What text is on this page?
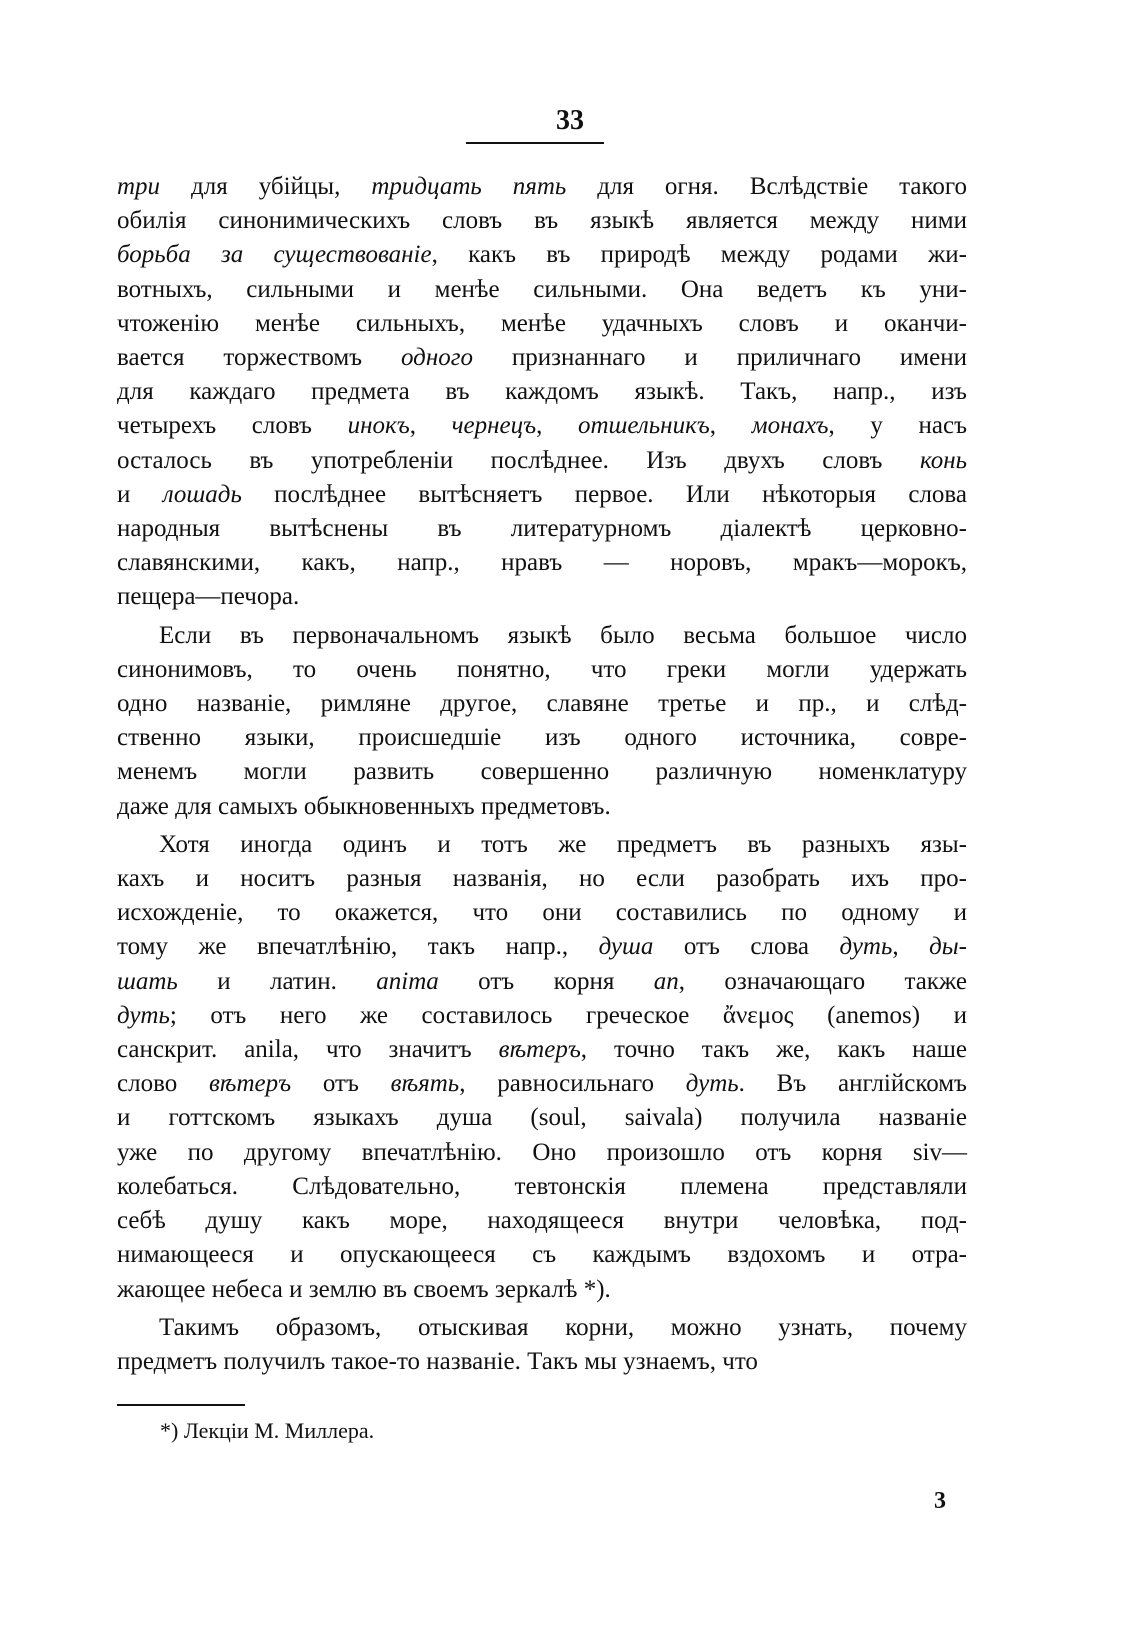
33
три для убійцы, тридцать пять для огня. Вслѣдствіе такого
обилія синонимическихъ словъ въ языкѣ является между ними
борьба за существованіе, какъ въ природѣ между родами жи-
вотныхъ, сильными и менѣе сильными. Она ведетъ къ уни-
чтоженію менѣе сильныхъ, менѣе удачныхъ словъ и оканчи-
вается торжествомъ одного признаннаго и приличнаго имени
для каждаго предмета въ каждомъ языкѣ. Такъ, напр., изъ
четырехъ словъ инокъ, чернецъ, отшельникъ, монахъ, у насъ
осталось въ употребленіи послѣднее. Изъ двухъ словъ конь
и лошадь послѣднее вытѣсняетъ первое. Или нѣкоторыя слова
народныя вытѣснены въ литературномъ діалектѣ церковно-
славянскими, какъ, напр., нравъ — норовъ, мракъ—морокъ,
пещера—печора.
Если въ первоначальномъ языкѣ было весьма большое число
синонимовъ, то очень понятно, что греки могли удержать
одно названіе, римляне другое, славяне третье и пр., и слѣд-
ственно языки, происшедшіе изъ одного источника, совре-
менемъ могли развить совершенно различную номенклатуру
даже для самыхъ обыкновенныхъ предметовъ.
Хотя иногда одинъ и тотъ же предметъ въ разныхъ язы-
кахъ и носитъ разныя названія, но если разобрать ихъ про-
исхожденіе, то окажется, что они составились по одному и
тому же впечатлѣнію, такъ напр., душа отъ слова дуть, ды-
шать и латин. anima отъ корня an, означающаго также
дуть; отъ него же составилось греческое ἄνεμος (anemos) и
санскрит. anila, что значитъ вѣтеръ, точно такъ же, какъ наше
слово вѣтеръ отъ вѣять, равносильнаго дуть. Въ англійскомъ
и готтскомъ языкахъ душа (soul, saivala) получила названіе
уже по другому впечатлѣнію. Оно произошло отъ корня siv—
колебаться. Слѣдовательно, тевтонскія племена представляли
себѣ душу какъ море, находящееся внутри человѣка, под-
нимающееся и опускающееся съ каждымъ вздохомъ и отра-
жающее небеса и землю въ своемъ зеркалѣ *).
Такимъ образомъ, отыскивая корни, можно узнать, почему
предметъ получилъ такое-то названіе. Такъ мы узнаемъ, что
*) Лекціи М. Миллера.
3
